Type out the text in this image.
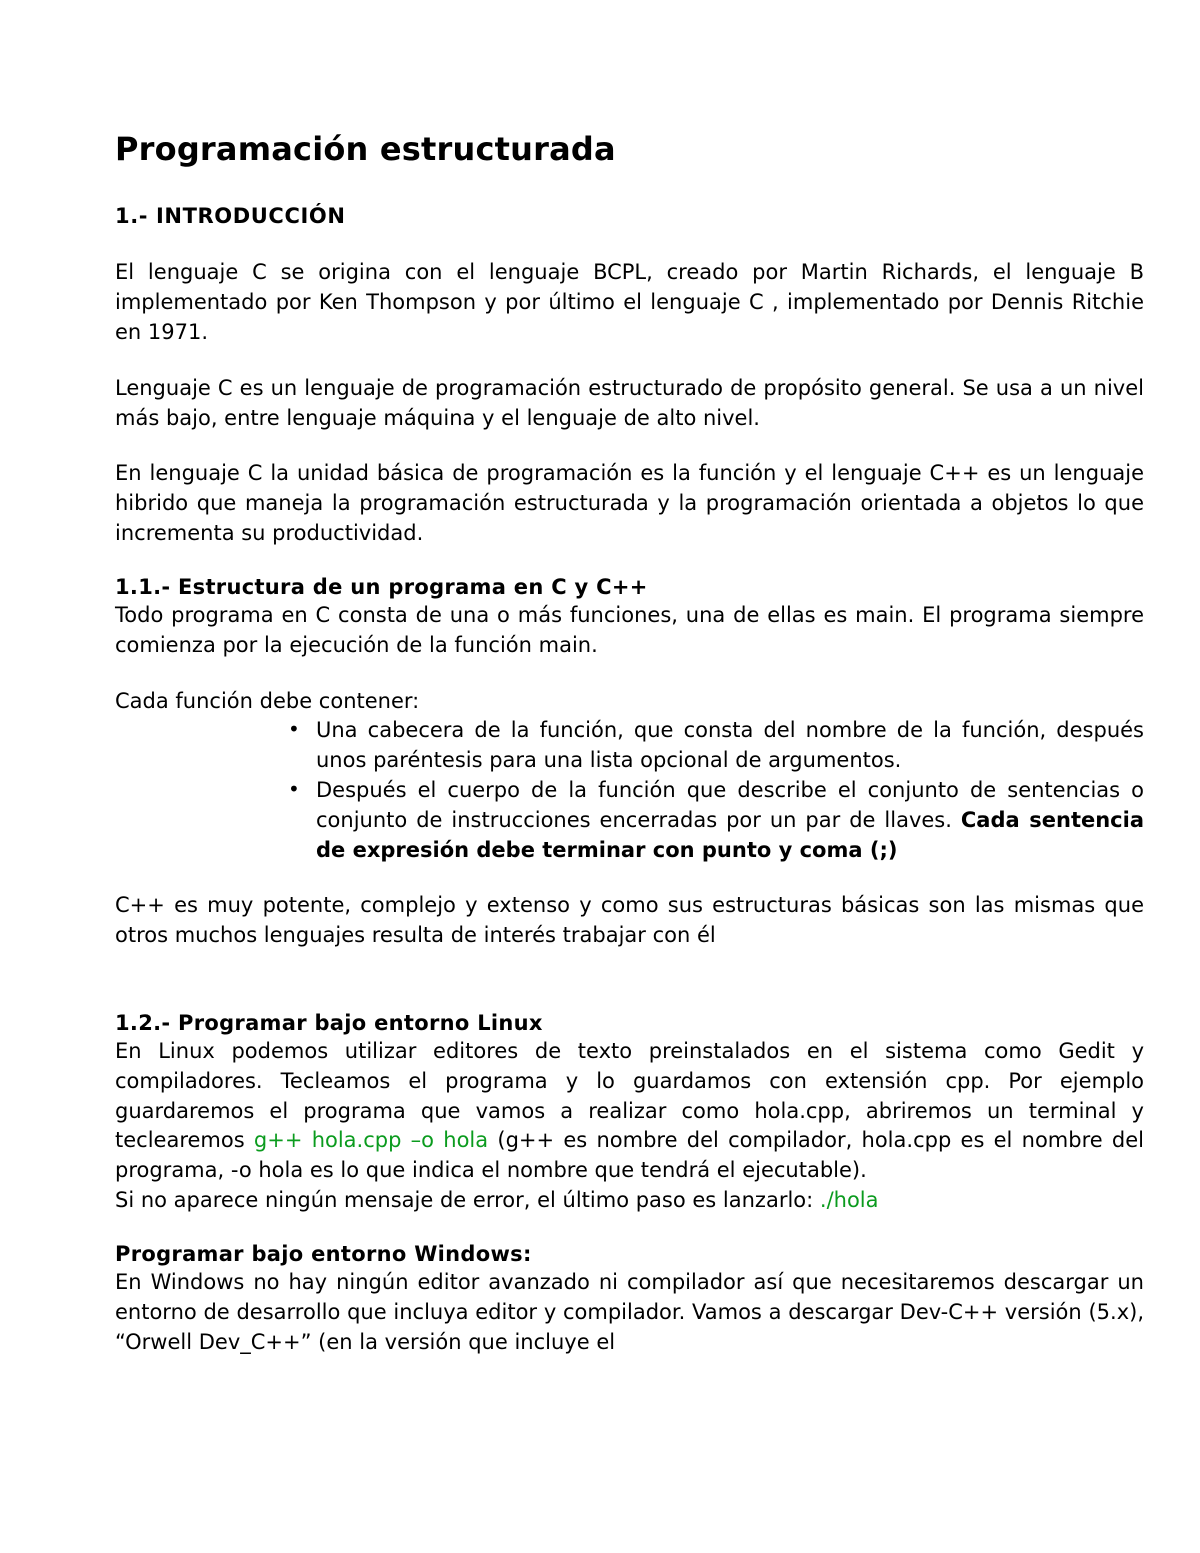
Programación estructurada
1.- INTRODUCCIÓN

El lenguaje C se origina con el lenguaje BCPL, creado por Martin Richards, el lenguaje B implementado por Ken Thompson y por último el lenguaje C , implementado por Dennis Ritchie en 1971.

Lenguaje C es un lenguaje de programación estructurado de propósito general. Se usa a un nivel más bajo, entre lenguaje máquina y el lenguaje de alto nivel.

En lenguaje C la unidad básica de programación es la función y el lenguaje C++ es un lenguaje hibrido que maneja la programación estructurada y la programación orientada a objetos lo que incrementa su productividad.

1.1.- Estructura de un programa en C y C++

Todo programa en C consta de una o más funciones, una de ellas es main. El programa siempre comienza por la ejecución de la función main.

Cada función debe contener:

• Una cabecera de la función, que consta del nombre de la función, después unos paréntesis para una lista opcional de argumentos.
• Después el cuerpo de la función que describe el conjunto de sentencias o conjunto de instrucciones encerradas por un par de llaves. Cada sentencia de expresión debe terminar con punto y coma (;)

C++ es muy potente, complejo y extenso y como sus estructuras básicas son las mismas que otros muchos lenguajes resulta de interés trabajar con él

1.2.- Programar bajo entorno Linux

En Linux podemos utilizar editores de texto preinstalados en el sistema como Gedit y compiladores. Tecleamos el programa y lo guardamos con extensión cpp. Por ejemplo guardaremos el programa que vamos a realizar como hola.cpp, abriremos un terminal y teclearemos g++ hola.cpp –o hola (g++ es nombre del compilador, hola.cpp es el nombre del programa, -o hola es lo que indica el nombre que tendrá el ejecutable).

Si no aparece ningún mensaje de error, el último paso es lanzarlo: ./hola

Programar bajo entorno Windows:

En Windows no hay ningún editor avanzado ni compilador así que necesitaremos descargar un entorno de desarrollo que incluya editor y compilador. Vamos a descargar Dev-C++ versión (5.x), “Orwell Dev_C++” (en la versión que incluye el
